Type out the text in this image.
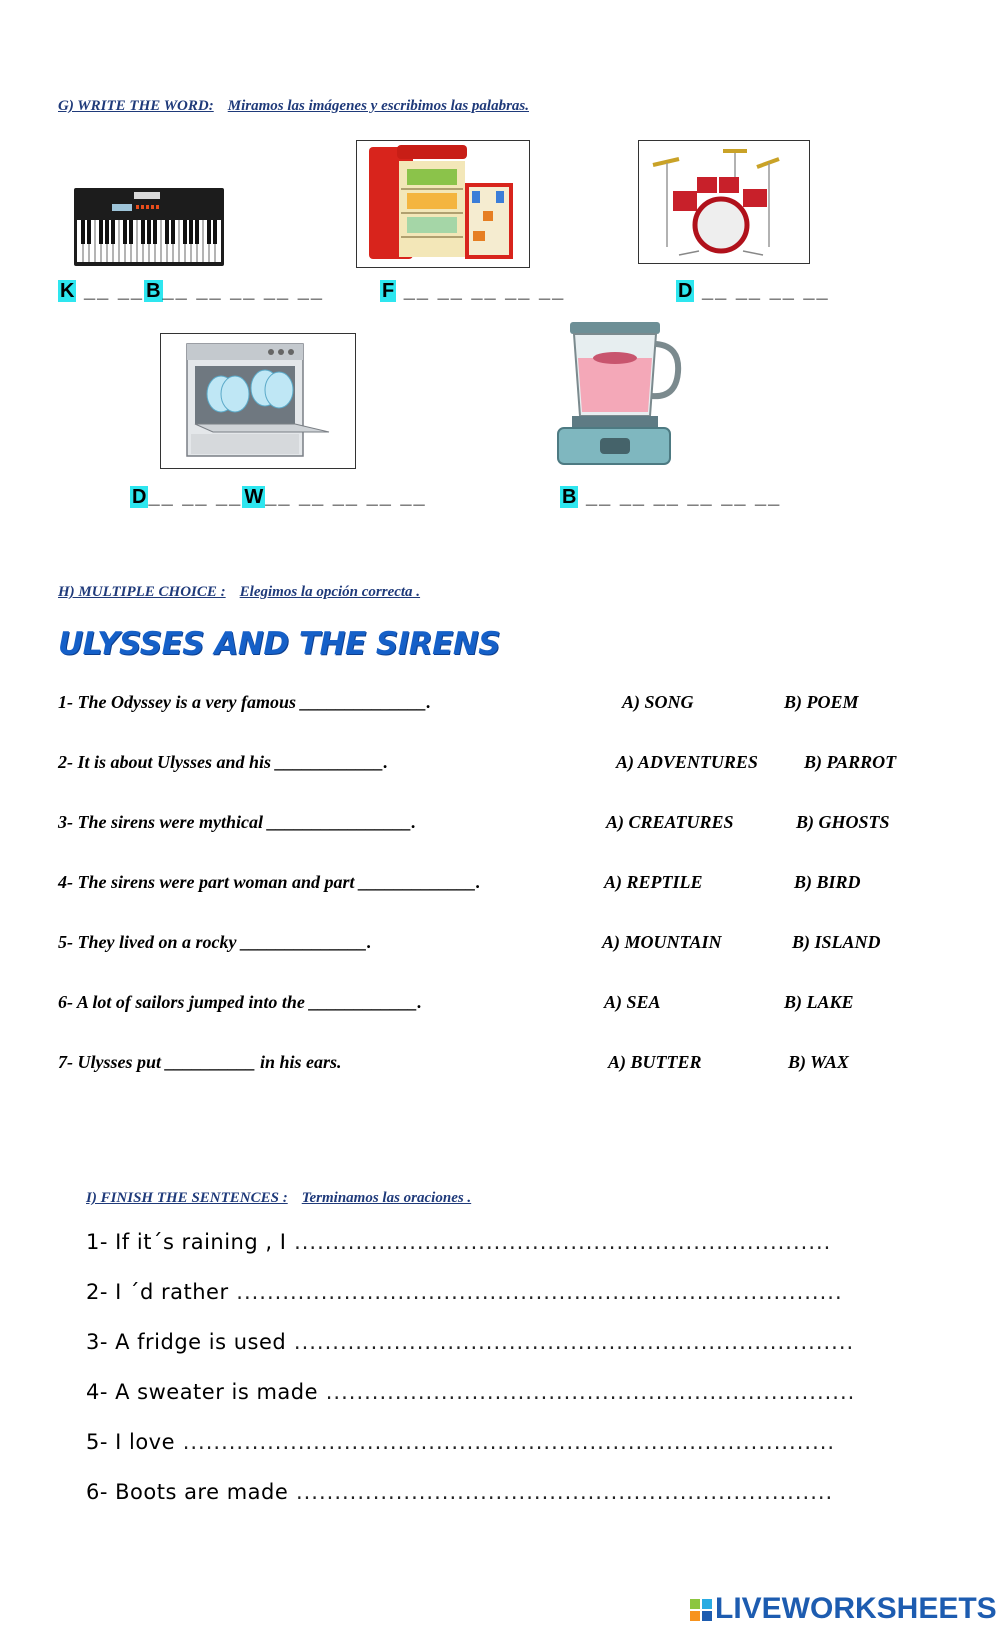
G) WRITE THE WORD: Miramos las imágenes y escribimos las palabras.
K __ __ B __ __ __ __ __	F __ __ __ __ __	D __ __ __ __
D __ __ __ W __ __ __ __ __	B __ __ __ __ __ __
H) MULTIPLE CHOICE : Elegimos la opción correcta .
ULYSSES AND THE SIRENS
1- The Odyssey is a very famous ______________.	A) SONG	B) POEM
2- It is about Ulysses and his ____________.	A) ADVENTURES	B) PARROT
3- The sirens were mythical ________________.	A) CREATURES	B) GHOSTS
4- The sirens were part woman and part _____________.	A) REPTILE	B) BIRD
5- They lived on a rocky ______________.	A) MOUNTAIN	B) ISLAND
6- A lot of sailors jumped into the ____________.	A) SEA	B) LAKE
7- Ulysses put __________ in his ears.	A) BUTTER	B) WAX
I) FINISH THE SENTENCES : Terminamos las oraciones .
1- If it´s raining , I ......................................................................
2- I ´d rather ...............................................................................
3- A fridge is used .........................................................................
4- A sweater is made .....................................................................
5- I love .....................................................................................
6- Boots are made ......................................................................
LIVEWORKSHEETS
